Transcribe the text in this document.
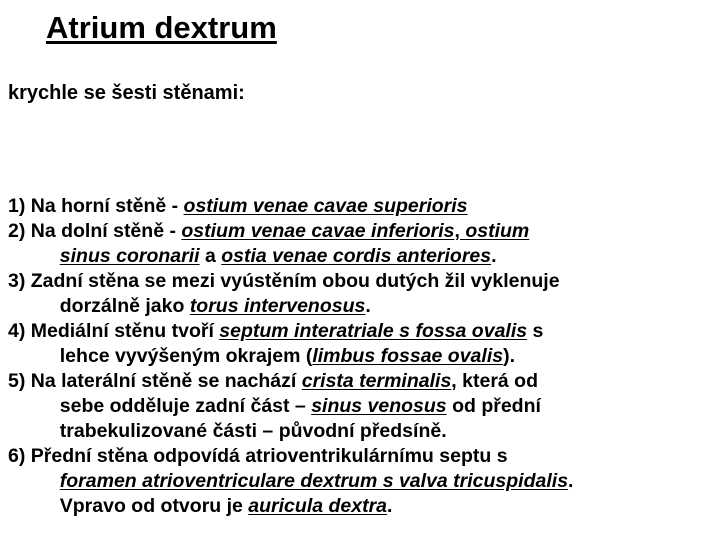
Atrium dextrum
krychle se šesti stěnami:
1) Na horní stěně - ostium venae cavae superioris
2) Na dolní stěně - ostium venae cavae inferioris, ostium
sinus coronarii a ostia venae cordis anteriores.
3) Zadní stěna se mezi vyústěním obou dutých žil vyklenuje
dorzálně jako torus intervenosus.
4) Mediální stěnu tvoří septum interatriale s fossa ovalis s
lehce vyvýšeným okrajem (limbus fossae ovalis).
5) Na laterální stěně se nachází crista terminalis, která od
sebe odděluje zadní část – sinus venosus od přední
trabekulizované části – původní předsíně.
6) Přední stěna odpovídá atrioventrikulárnímu septu s
foramen atrioventriculare dextrum s valva tricuspidalis.
Vpravo od otvoru je auricula dextra.
